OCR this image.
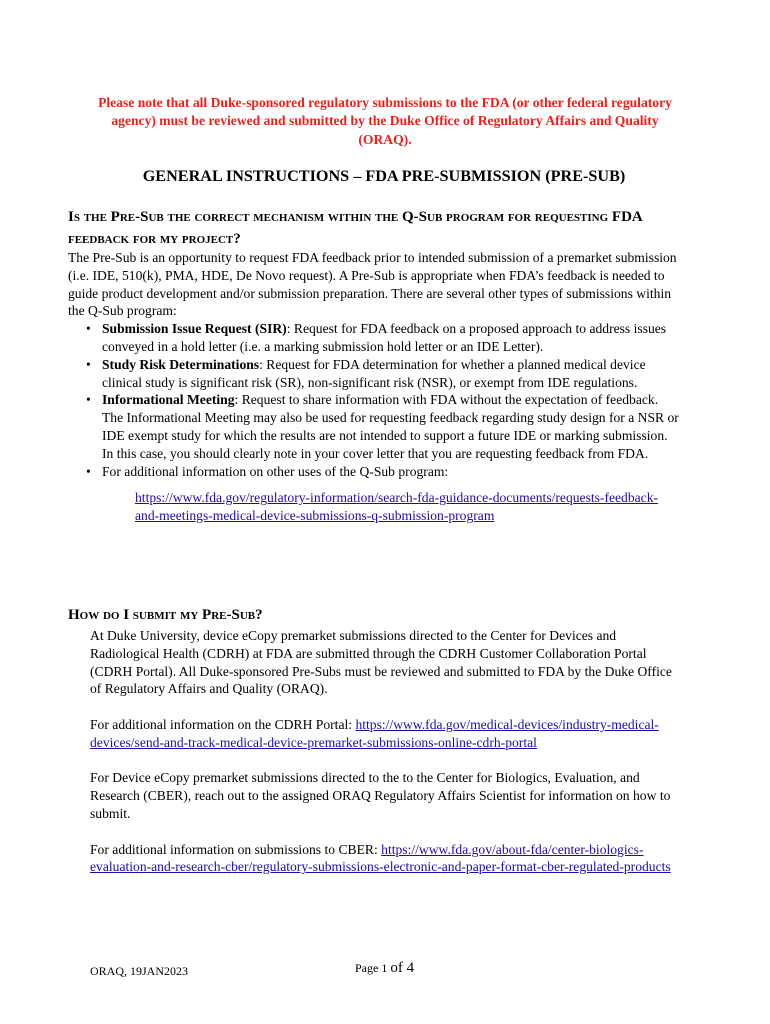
Please note that all Duke-sponsored regulatory submissions to the FDA (or other federal regulatory agency) must be reviewed and submitted by the Duke Office of Regulatory Affairs and Quality (ORAQ).
GENERAL INSTRUCTIONS – FDA PRE-SUBMISSION (PRE-SUB)
Is the Pre-Sub the correct mechanism within the Q-Sub program for requesting FDA feedback for my project?

The Pre-Sub is an opportunity to request FDA feedback prior to intended submission of a premarket submission (i.e. IDE, 510(k), PMA, HDE, De Novo request). A Pre-Sub is appropriate when FDA’s feedback is needed to guide product development and/or submission preparation. There are several other types of submissions within the Q-Sub program:

• Submission Issue Request (SIR): Request for FDA feedback on a proposed approach to address issues conveyed in a hold letter (i.e. a marking submission hold letter or an IDE Letter).
• Study Risk Determinations: Request for FDA determination for whether a planned medical device clinical study is significant risk (SR), non-significant risk (NSR), or exempt from IDE regulations.
• Informational Meeting: Request to share information with FDA without the expectation of feedback. The Informational Meeting may also be used for requesting feedback regarding study design for a NSR or IDE exempt study for which the results are not intended to support a future IDE or marking submission. In this case, you should clearly note in your cover letter that you are requesting feedback from FDA.
• For additional information on other uses of the Q-Sub program:
https://www.fda.gov/regulatory-information/search-fda-guidance-documents/requests-feedback-and-meetings-medical-device-submissions-q-submission-program
How do I submit my Pre-Sub?

At Duke University, device eCopy premarket submissions directed to the Center for Devices and Radiological Health (CDRH) at FDA are submitted through the CDRH Customer Collaboration Portal (CDRH Portal). All Duke-sponsored Pre-Subs must be reviewed and submitted to FDA by the Duke Office of Regulatory Affairs and Quality (ORAQ).

For additional information on the CDRH Portal: https://www.fda.gov/medical-devices/industry-medical-devices/send-and-track-medical-device-premarket-submissions-online-cdrh-portal

For Device eCopy premarket submissions directed to the to the Center for Biologics, Evaluation, and Research (CBER), reach out to the assigned ORAQ Regulatory Affairs Scientist for information on how to submit.

For additional information on submissions to CBER: https://www.fda.gov/about-fda/center-biologics-evaluation-and-research-cber/regulatory-submissions-electronic-and-paper-format-cber-regulated-products

ORAQ, 19JAN2023	Page 1 of 4
